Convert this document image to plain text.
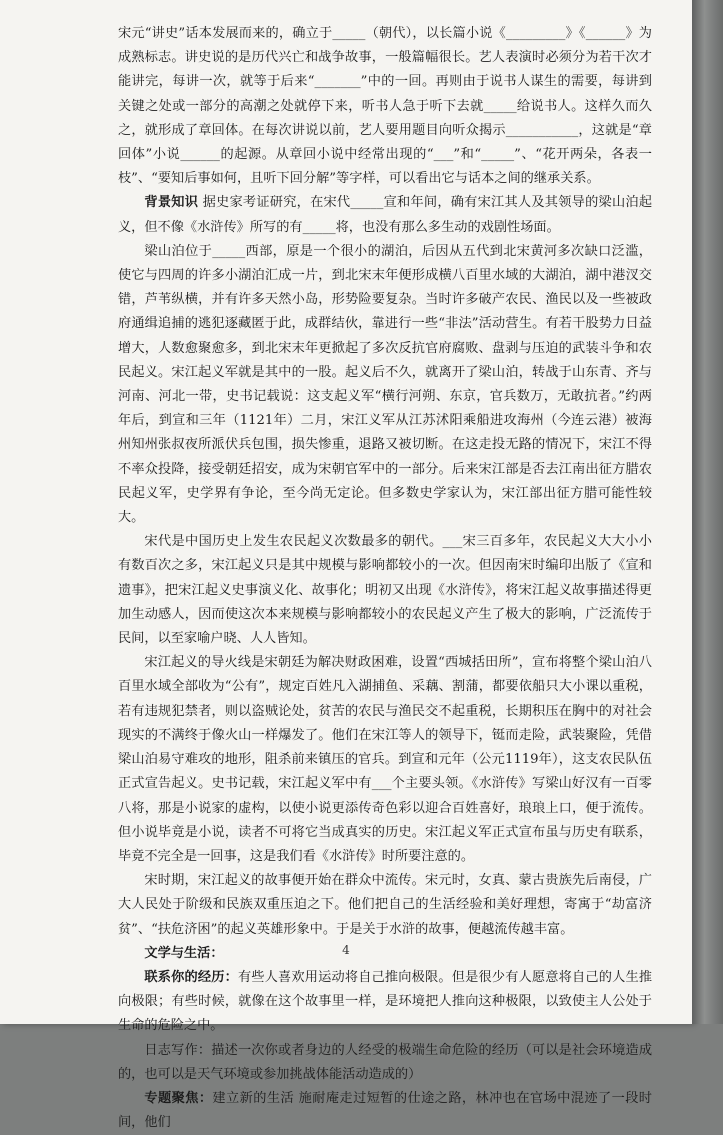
宋元“讲史”话本发展而来的，确立于_____（朝代），以长篇小说《_________》《______》为成熟标志。讲史说的是历代兴亡和战争故事，一般篇幅很长。艺人表演时必须分为若干次才能讲完，每讲一次，就等于后来“_______”中的一回。再则由于说书人谋生的需要，每讲到关键之处或一部分的高潮之处就停下来，听书人急于听下去就_____给说书人。这样久而久之，就形成了章回体。在每次讲说以前，艺人要用题目向听众揭示___________，这就是“章回体”小说______的起源。从章回小说中经常出现的“___”和“_____”、“花开两朵，各表一枝”、“要知后事如何，且听下回分解”等字样，可以看出它与话本之间的继承关系。

背景知识 据史家考证研究，在宋代_____宣和年间，确有宋江其人及其领导的梁山泊起义，但不像《水浒传》所写的有_____将，也没有那么多生动的戏剧性场面。

梁山泊位于_____西部，原是一个很小的湖泊，后因从五代到北宋黄河多次缺口泛滥，使它与四周的许多小湖泊汇成一片，到北宋末年便形成横八百里水域的大湖泊，湖中港汊交错，芦苇纵横，并有许多天然小岛，形势险要复杂。当时许多破产农民、渔民以及一些被政府通缉追捕的逃犯逐藏匿于此，成群结伙，靠进行一些“非法”活动营生。有若干股势力日益增大，人数愈聚愈多，到北宋末年更掀起了多次反抗官府腐败、盘剥与压迫的武装斗争和农民起义。宋江起义军就是其中的一股。起义后不久，就离开了梁山泊，转战于山东青、齐与河南、河北一带，史书记载说：这支起义军“横行河朔、东京，官兵数万，无敢抗者。”约两年后，到宣和三年（1121年）二月，宋江义军从江苏沭阳乘船进攻海州（今连云港）被海州知州张叔夜所派伏兵包围，损失惨重，退路又被切断。在这走投无路的情况下，宋江不得不率众投降，接受朝廷招安，成为宋朝官军中的一部分。后来宋江部是否去江南出征方腊农民起义军，史学界有争论，至今尚无定论。但多数史学家认为，宋江部出征方腊可能性较大。

宋代是中国历史上发生农民起义次数最多的朝代。___宋三百多年，农民起义大大小小有数百次之多，宋江起义只是其中规模与影响都较小的一次。但因南宋时编印出版了《宣和遗事》，把宋江起义史事演义化、故事化；明初又出现《水浒传》，将宋江起义故事描述得更加生动感人，因而使这次本来规模与影响都较小的农民起义产生了极大的影响，广泛流传于民间，以至家喻户晓、人人皆知。

宋江起义的导火线是宋朝廷为解决财政困难，设置“西城括田所”，宣布将整个梁山泊八百里水域全部收为“公有”，规定百姓凡入湖捕鱼、采藕、割蒲，都要依船只大小课以重税，若有违规犯禁者，则以盗贼论处，贫苦的农民与渔民交不起重税，长期积压在胸中的对社会现实的不满终于像火山一样爆发了。他们在宋江等人的领导下，铤而走险，武装聚险，凭借梁山泊易守难攻的地形，阻杀前来镇压的官兵。到宣和元年（公元1119年），这支农民队伍正式宣告起义。史书记载，宋江起义军中有___个主要头领。《水浒传》写梁山好汉有一百零八将，那是小说家的虚构，以使小说更添传奇色彩以迎合百姓喜好，琅琅上口，便于流传。但小说毕竟是小说，读者不可将它当成真实的历史。宋江起义军正式宣布虽与历史有联系，毕竟不完全是一回事，这是我们看《水浒传》时所要注意的。

宋时期，宋江起义的故事便开始在群众中流传。宋元时，女真、蒙古贵族先后南侵，广大人民处于阶级和民族双重压迫之下。他们把自己的生活经验和美好理想，寄寓于“劫富济贫”、“扶危济困”的起义英雄形象中。于是关于水浒的故事，便越流传越丰富。

文学与生活：

联系你的经历：有些人喜欢用运动将自己推向极限。但是很少有人愿意将自己的人生推向极限；有些时候，就像在这个故事里一样，是环境把人推向这种极限，以致使主人公处于生命的危险之中。

日志写作：描述一次你或者身边的人经受的极端生命危险的经历（可以是社会环境造成的，也可以是天气环境或参加挑战体能活动造成的）

专题聚焦：建立新的生活 施耐庵走过短暂的仕途之路，林冲也在官场中混迹了一段时间，他们

4
